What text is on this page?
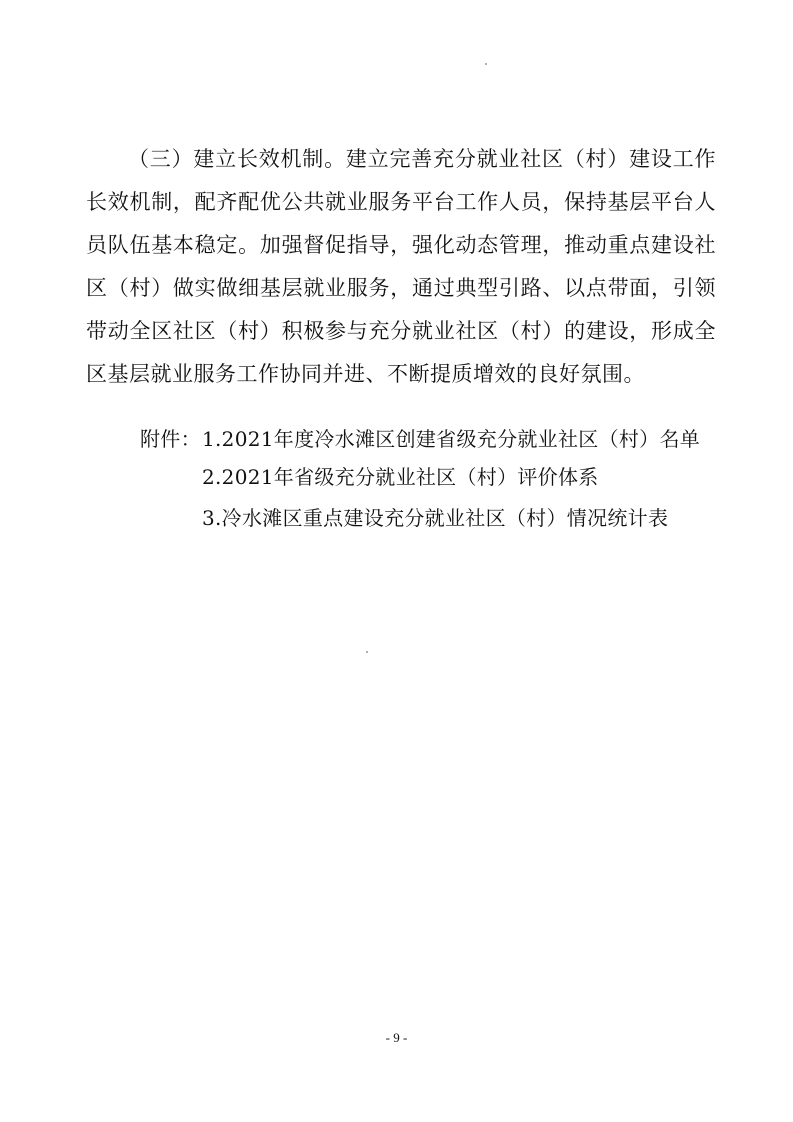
（三）建立长效机制。建立完善充分就业社区（村）建设工作长效机制，配齐配优公共就业服务平台工作人员，保持基层平台人员队伍基本稳定。加强督促指导，强化动态管理，推动重点建设社区（村）做实做细基层就业服务，通过典型引路、以点带面，引领带动全区社区（村）积极参与充分就业社区（村）的建设，形成全区基层就业服务工作协同并进、不断提质增效的良好氛围。

附件： 1.2021年度冷水滩区创建省级充分就业社区（村）名单
2.2021年省级充分就业社区（村）评价体系
3.冷水滩区重点建设充分就业社区（村）情况统计表
- 9 -
